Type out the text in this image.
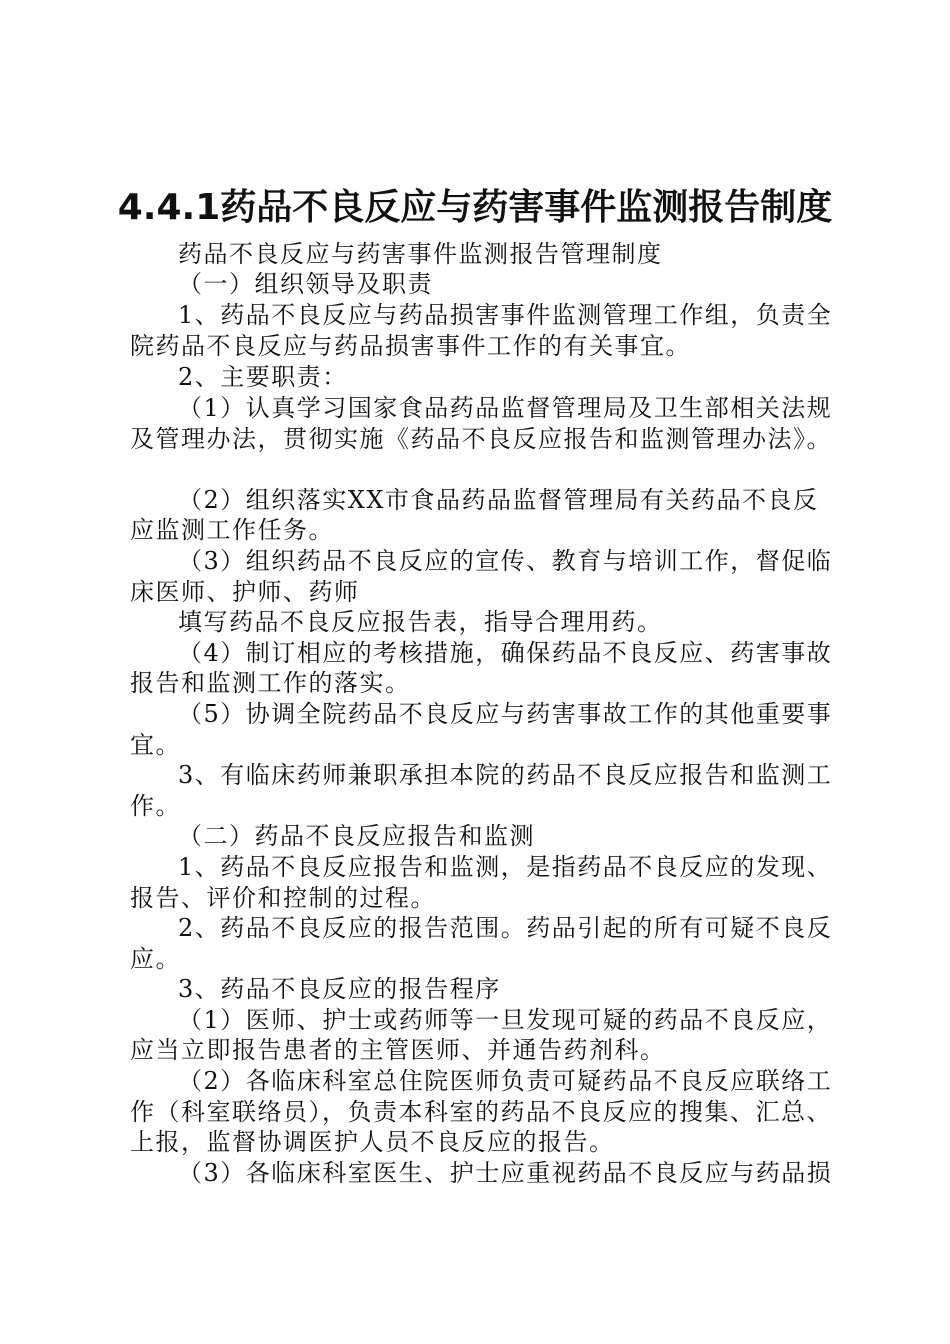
4.4.1药品不良反应与药害事件监测报告制度
药品不良反应与药害事件监测报告管理制度
（一）组织领导及职责
1、药品不良反应与药品损害事件监测管理工作组，负责全
院药品不良反应与药品损害事件工作的有关事宜。
2、主要职责：
（1）认真学习国家食品药品监督管理局及卫生部相关法规
及管理办法，贯彻实施《药品不良反应报告和监测管理办法》。
（2）组织落实XX市食品药品监督管理局有关药品不良反
应监测工作任务。
（3）组织药品不良反应的宣传、教育与培训工作，督促临
床医师、护师、药师
填写药品不良反应报告表，指导合理用药。
（4）制订相应的考核措施，确保药品不良反应、药害事故
报告和监测工作的落实。
（5）协调全院药品不良反应与药害事故工作的其他重要事
宜。
3、有临床药师兼职承担本院的药品不良反应报告和监测工
作。
（二）药品不良反应报告和监测
1、药品不良反应报告和监测，是指药品不良反应的发现、
报告、评价和控制的过程。
2、药品不良反应的报告范围。药品引起的所有可疑不良反
应。
3、药品不良反应的报告程序
（1）医师、护士或药师等一旦发现可疑的药品不良反应，
应当立即报告患者的主管医师、并通告药剂科。
（2）各临床科室总住院医师负责可疑药品不良反应联络工
作（科室联络员），负责本科室的药品不良反应的搜集、汇总、
上报，监督协调医护人员不良反应的报告。
（3）各临床科室医生、护士应重视药品不良反应与药品损
